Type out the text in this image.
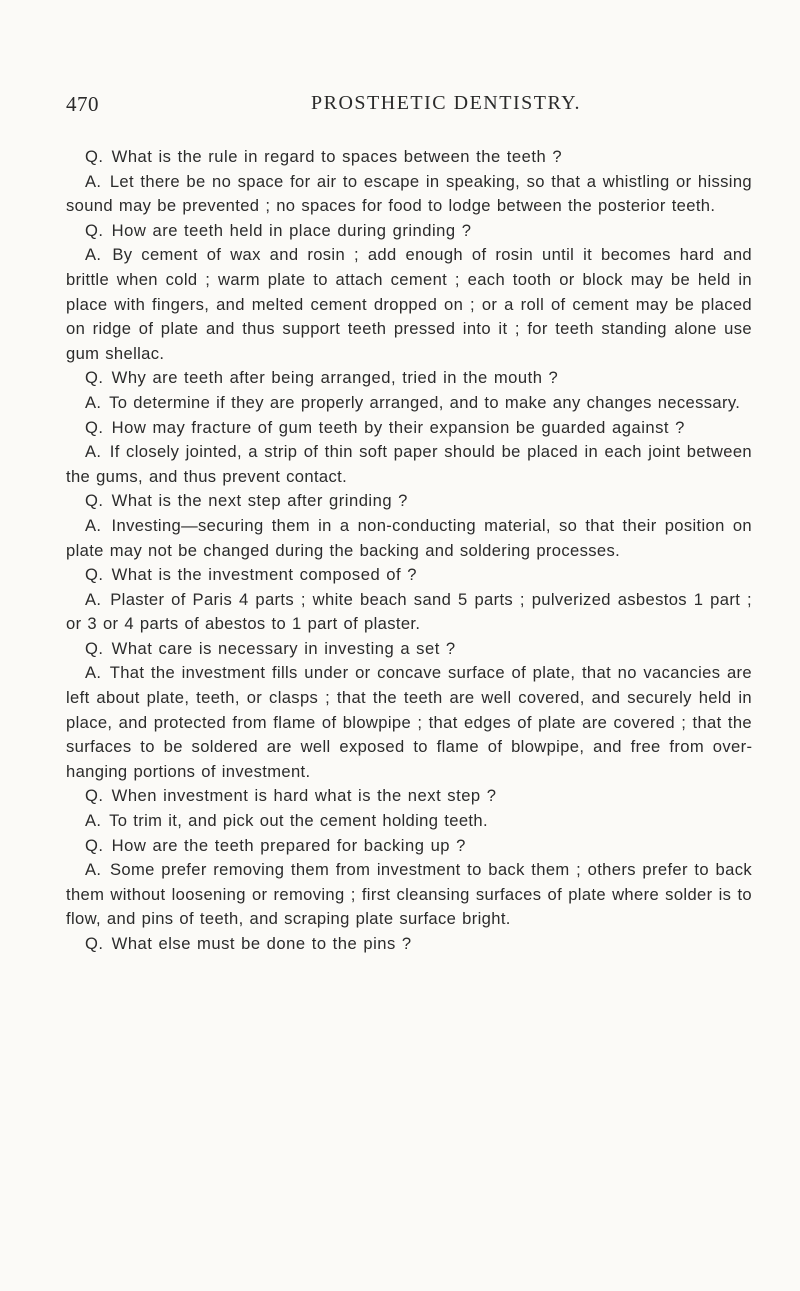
470	PROSTHETIC DENTISTRY.

Q. What is the rule in regard to spaces between the teeth ?

A. Let there be no space for air to escape in speaking, so that a whistling or hissing sound may be prevented ; no spaces for food to lodge between the posterior teeth.

Q. How are teeth held in place during grinding ?

A. By cement of wax and rosin ; add enough of rosin until it becomes hard and brittle when cold ; warm plate to attach cement ; each tooth or block may be held in place with fingers, and melted cement dropped on ; or a roll of cement may be placed on ridge of plate and thus support teeth pressed into it ; for teeth standing alone use gum shellac.

Q. Why are teeth after being arranged, tried in the mouth ?

A. To determine if they are properly arranged, and to make any changes necessary.

Q. How may fracture of gum teeth by their expansion be guarded against ?

A. If closely jointed, a strip of thin soft paper should be placed in each joint between the gums, and thus prevent contact.

Q. What is the next step after grinding ?

A. Investing—securing them in a non-conducting material, so that their position on plate may not be changed during the backing and soldering processes.

Q. What is the investment composed of ?

A. Plaster of Paris 4 parts ; white beach sand 5 parts ; pulverized asbestos 1 part ; or 3 or 4 parts of abestos to 1 part of plaster.

Q. What care is necessary in investing a set ?

A. That the investment fills under or concave surface of plate, that no vacancies are left about plate, teeth, or clasps ; that the teeth are well covered, and securely held in place, and protected from flame of blowpipe ; that edges of plate are covered ; that the surfaces to be soldered are well exposed to flame of blowpipe, and free from overhanging portions of investment.

Q. When investment is hard what is the next step ?

A. To trim it, and pick out the cement holding teeth.

Q. How are the teeth prepared for backing up ?

A. Some prefer removing them from investment to back them ; others prefer to back them without loosening or removing ; first cleansing surfaces of plate where solder is to flow, and pins of teeth, and scraping plate surface bright.

Q. What else must be done to the pins ?
